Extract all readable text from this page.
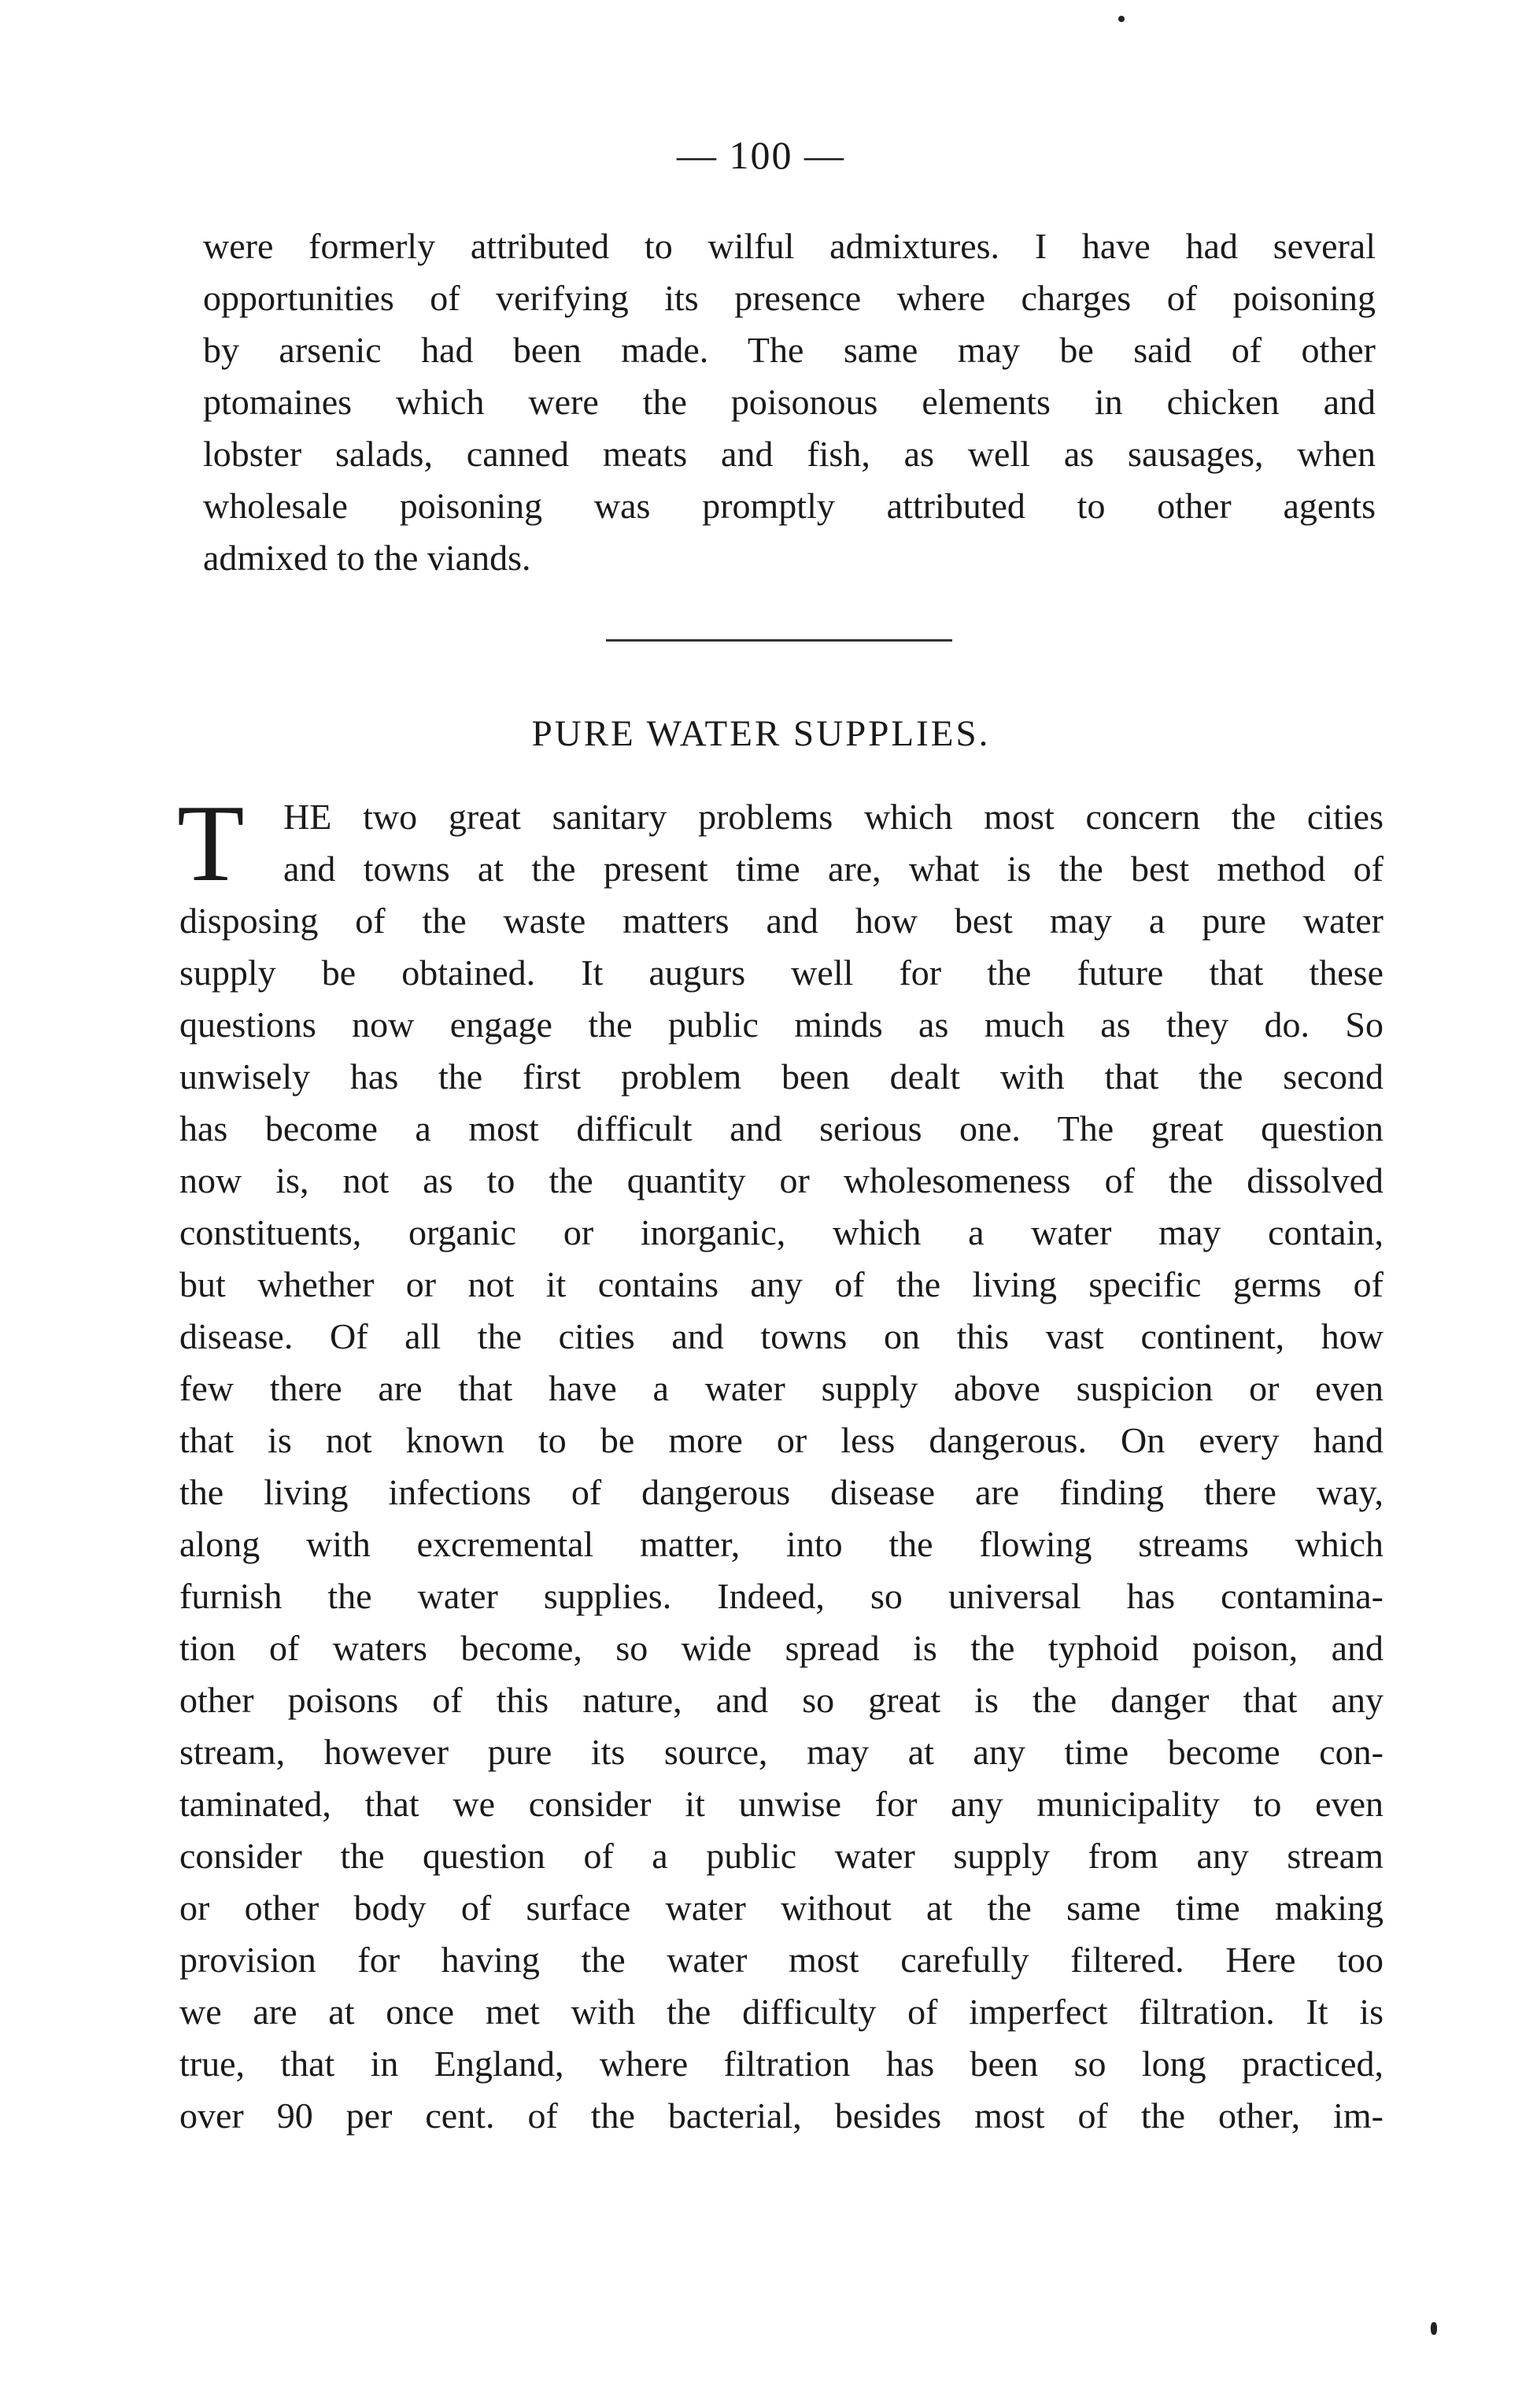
— 100 —
were formerly attributed to wilful admixtures. I have had several
opportunities of verifying its presence where charges of poisoning
by arsenic had been made. The same may be said of other
ptomaines which were the poisonous elements in chicken and
lobster salads, canned meats and fish, as well as sausages, when
wholesale poisoning was promptly attributed to other agents
admixed to the viands.
PURE WATER SUPPLIES.
T	HE two great sanitary problems which most concern the cities
and towns at the present time are, what is the best method of
disposing of the waste matters and how best may a pure water
supply be obtained. It augurs well for the future that these
questions now engage the public minds as much as they do. So
unwisely has the first problem been dealt with that the second
has become a most difficult and serious one. The great question
now is, not as to the quantity or wholesomeness of the dissolved
constituents, organic or inorganic, which a water may contain,
but whether or not it contains any of the living specific germs of
disease. Of all the cities and towns on this vast continent, how
few there are that have a water supply above suspicion or even
that is not known to be more or less dangerous. On every hand
the living infections of dangerous disease are finding there way,
along with excremental matter, into the flowing streams which
furnish the water supplies. Indeed, so universal has contamina-
tion of waters become, so wide spread is the typhoid poison, and
other poisons of this nature, and so great is the danger that any
stream, however pure its source, may at any time become con-
taminated, that we consider it unwise for any municipality to even
consider the question of a public water supply from any stream
or other body of surface water without at the same time making
provision for having the water most carefully filtered. Here too
we are at once met with the difficulty of imperfect filtration. It is
true, that in England, where filtration has been so long practiced,
over 90 per cent. of the bacterial, besides most of the other, im-
